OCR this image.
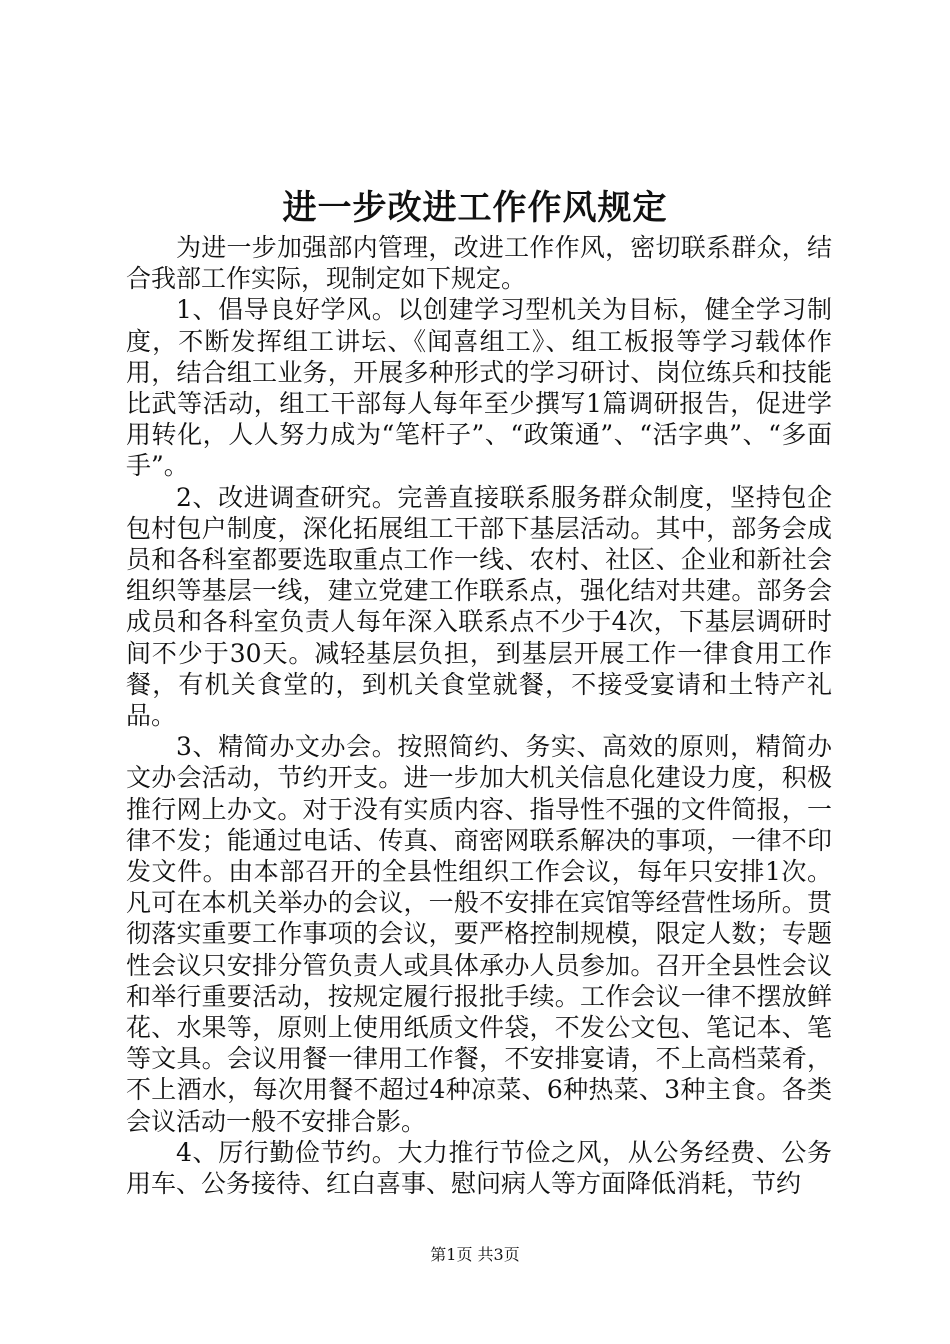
进一步改进工作作风规定

为进一步加强部内管理，改进工作作风，密切联系群众，结合我部工作实际，现制定如下规定。

1、倡导良好学风。以创建学习型机关为目标，健全学习制度，不断发挥组工讲坛、《闻喜组工》、组工板报等学习载体作用，结合组工业务，开展多种形式的学习研讨、岗位练兵和技能比武等活动，组工干部每人每年至少撰写1篇调研报告，促进学用转化，人人努力成为“笔杆子”、“政策通”、“活字典”、“多面手”。

2、改进调查研究。完善直接联系服务群众制度，坚持包企包村包户制度，深化拓展组工干部下基层活动。其中，部务会成员和各科室都要选取重点工作一线、农村、社区、企业和新社会组织等基层一线，建立党建工作联系点，强化结对共建。部务会成员和各科室负责人每年深入联系点不少于4次，下基层调研时间不少于30天。减轻基层负担，到基层开展工作一律食用工作餐，有机关食堂的，到机关食堂就餐，不接受宴请和土特产礼品。

3、精简办文办会。按照简约、务实、高效的原则，精简办文办会活动，节约开支。进一步加大机关信息化建设力度，积极推行网上办文。对于没有实质内容、指导性不强的文件简报，一律不发；能通过电话、传真、商密网联系解决的事项，一律不印发文件。由本部召开的全县性组织工作会议，每年只安排1次。凡可在本机关举办的会议，一般不安排在宾馆等经营性场所。贯彻落实重要工作事项的会议，要严格控制规模，限定人数；专题性会议只安排分管负责人或具体承办人员参加。召开全县性会议和举行重要活动，按规定履行报批手续。工作会议一律不摆放鲜花、水果等，原则上使用纸质文件袋，不发公文包、笔记本、笔等文具。会议用餐一律用工作餐，不安排宴请，不上高档菜肴，不上酒水，每次用餐不超过4种凉菜、6种热菜、3种主食。各类会议活动一般不安排合影。

4、厉行勤俭节约。大力推行节俭之风，从公务经费、公务用车、公务接待、红白喜事、慰问病人等方面降低消耗，节约

第1页 共3页
